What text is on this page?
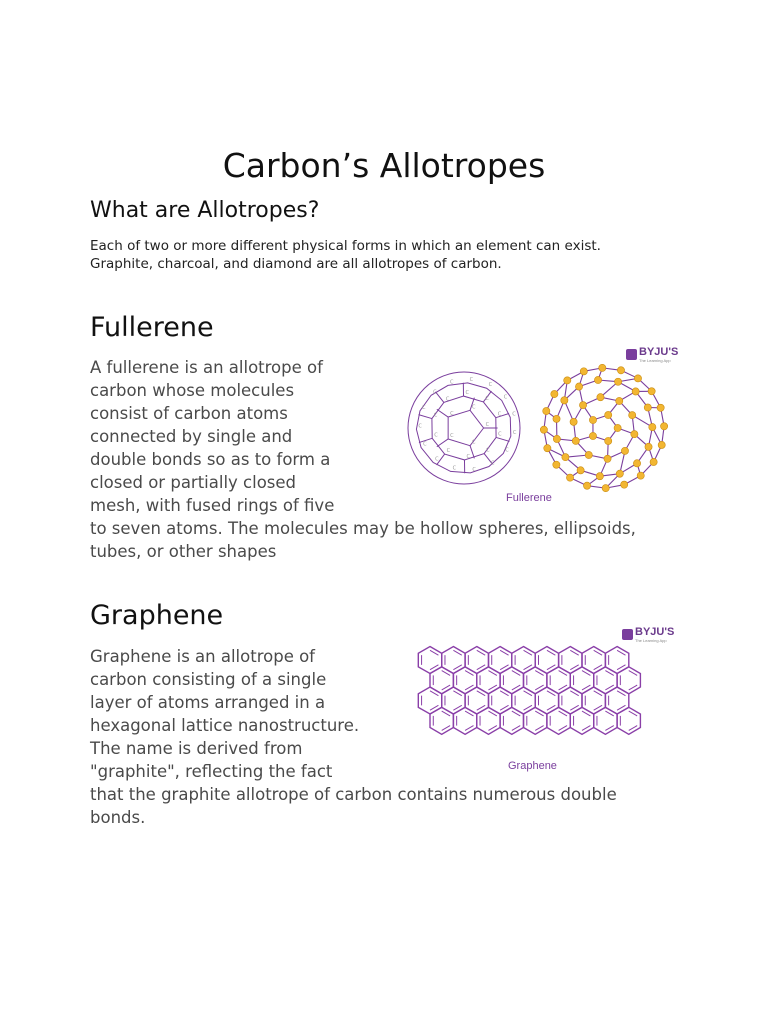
Carbon’s Allotropes
What are Allotropes?

Each of two or more different physical forms in which an element can exist.
Graphite, charcoal, and diamond are all allotropes of carbon.

Fullerene

A fullerene is an allotrope of
carbon whose molecules
consist of carbon atoms
connected by single and
double bonds so as to form a
closed or partially closed
mesh, with fused rings of five
to seven atoms. The molecules may be hollow spheres, ellipsoids,
tubes, or other shapes

BYJU'S
The Learning App
C
C
C
C
C
C
C
C
C
C
C
C
C
C
C
C
C
C
C
C
C
C
C
C
C	C
C
C
C
C
Fullerene
Graphene

Graphene is an allotrope of
carbon consisting of a single
layer of atoms arranged in a
hexagonal lattice nanostructure.
The name is derived from
"graphite", reflecting the fact
that the graphite allotrope of carbon contains numerous double
bonds.

BYJU'S
The Learning App
Graphene
